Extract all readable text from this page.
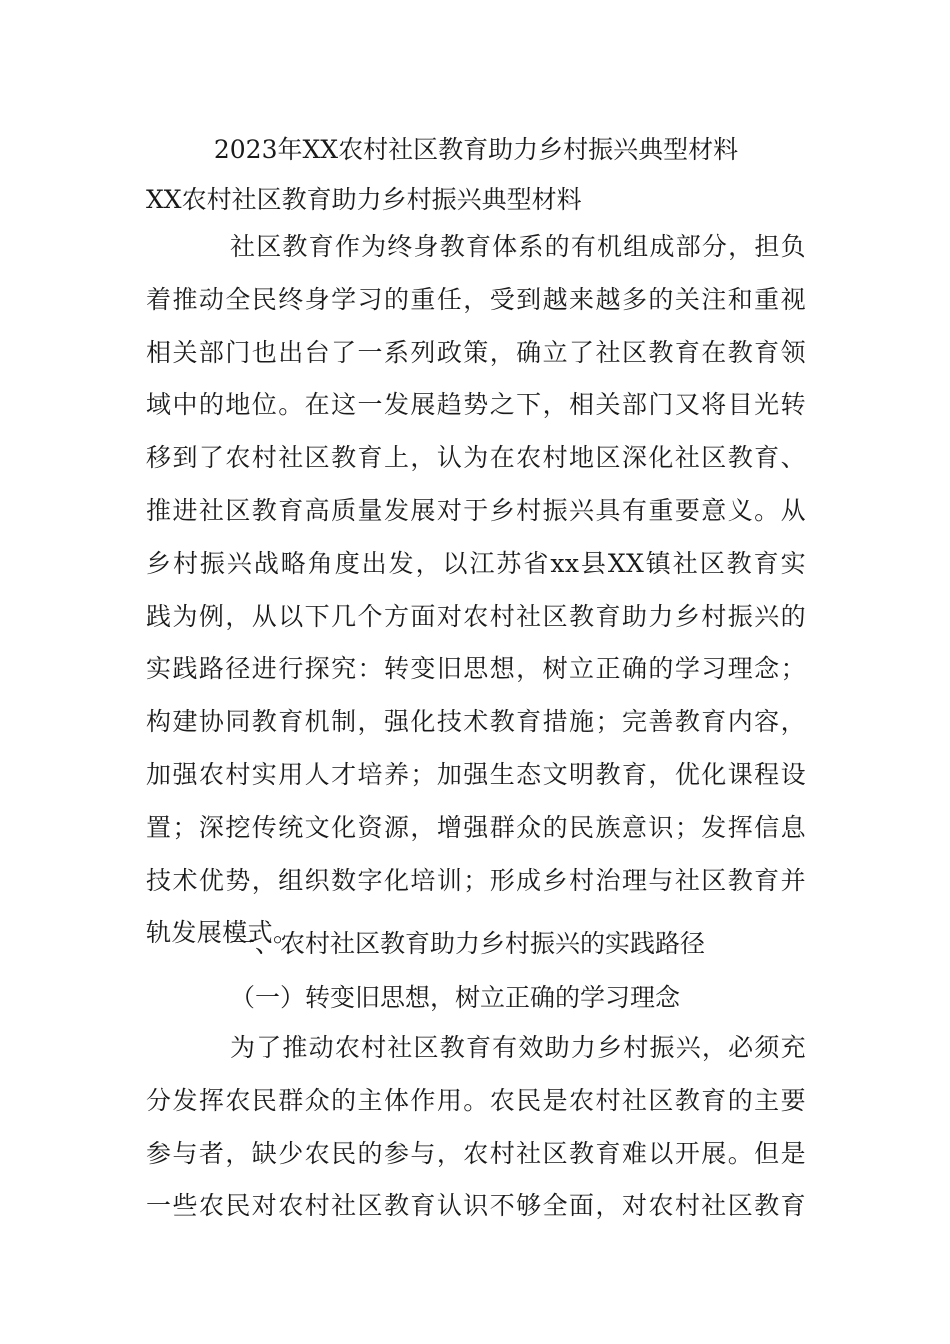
2023年XX农村社区教育助力乡村振兴典型材料
XX农村社区教育助力乡村振兴典型材料
社区教育作为终身教育体系的有机组成部分，担负
着推动全民终身学习的重任，受到越来越多的关注和重视
相关部门也出台了一系列政策，确立了社区教育在教育领
域中的地位。在这一发展趋势之下，相关部门又将目光转
移到了农村社区教育上，认为在农村地区深化社区教育、
推进社区教育高质量发展对于乡村振兴具有重要意义。从
乡村振兴战略角度出发，以江苏省xx县XX镇社区教育实
践为例，从以下几个方面对农村社区教育助力乡村振兴的
实践路径进行探究：转变旧思想，树立正确的学习理念；
构建协同教育机制，强化技术教育措施；完善教育内容，
加强农村实用人才培养；加强生态文明教育，优化课程设
置；深挖传统文化资源，增强群众的民族意识；发挥信息
技术优势，组织数字化培训；形成乡村治理与社区教育并
轨发展模式。
一、农村社区教育助力乡村振兴的实践路径
（一）转变旧思想，树立正确的学习理念
为了推动农村社区教育有效助力乡村振兴，必须充
分发挥农民群众的主体作用。农民是农村社区教育的主要
参与者，缺少农民的参与，农村社区教育难以开展。但是
一些农民对农村社区教育认识不够全面，对农村社区教育
